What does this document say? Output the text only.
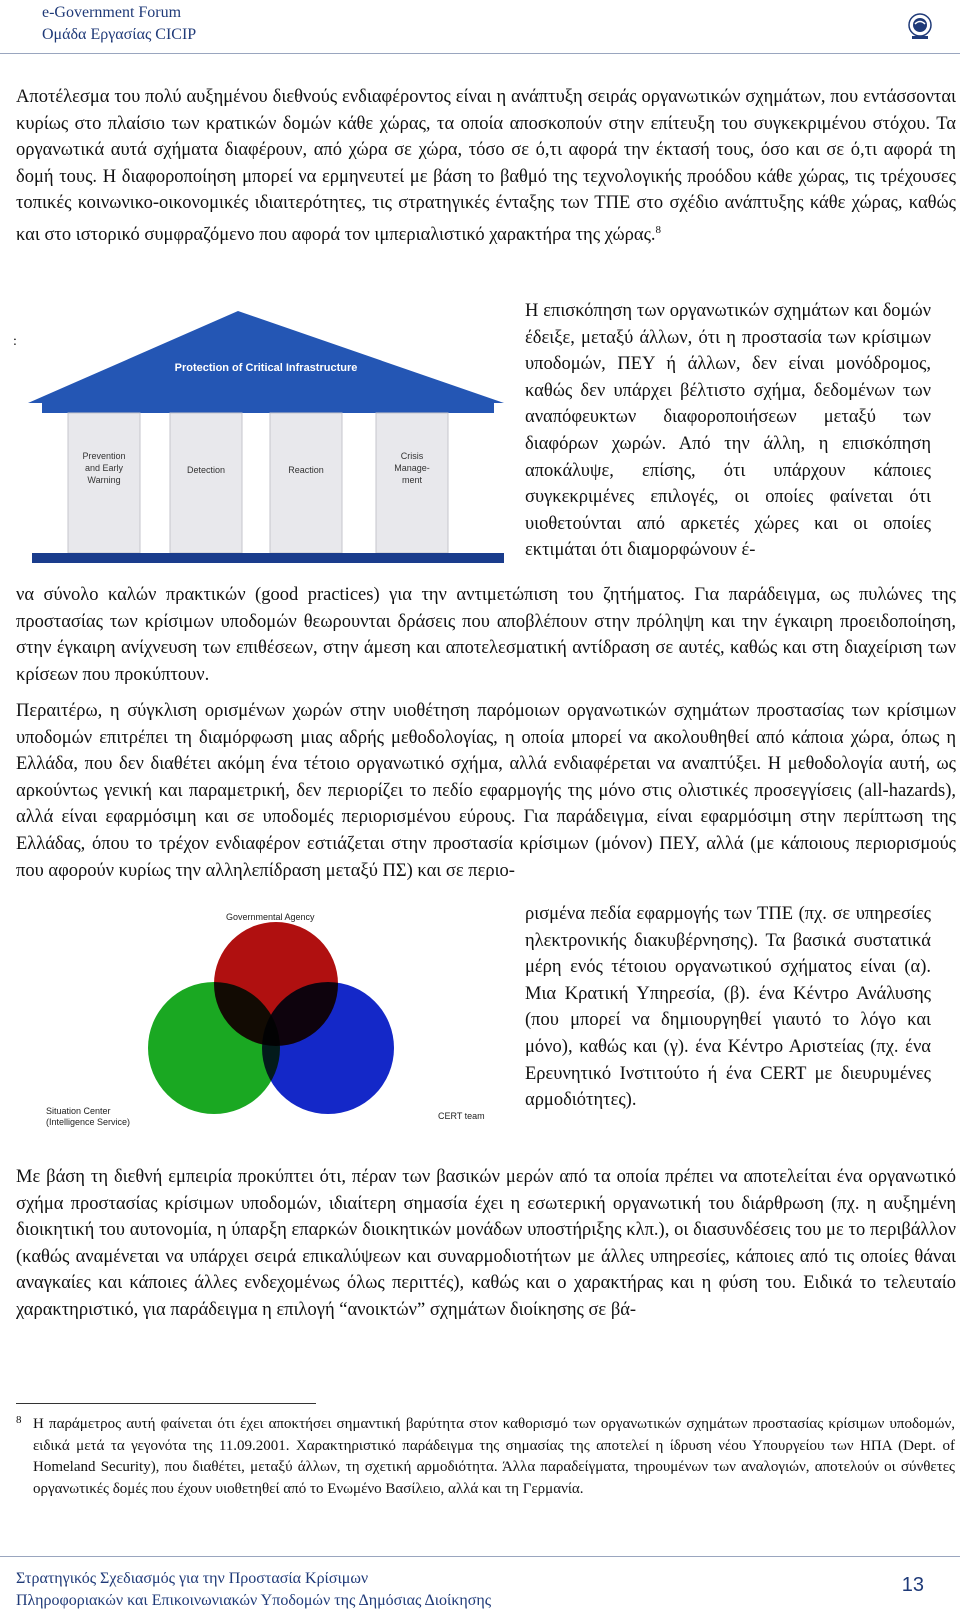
e-Government Forum
Ομάδα Εργασίας CICIP

Αποτέλεσμα του πολύ αυξημένου διεθνούς ενδιαφέροντος είναι η ανάπτυξη σειράς οργανωτικών σχημάτων, που εντάσσονται κυρίως στο πλαίσιο των κρατικών δομών κάθε χώρας, τα οποία αποσκοπούν στην επίτευξη του συγκεκριμένου στόχου. Τα οργανωτικά αυτά σχήματα διαφέρουν, από χώρα σε χώρα, τόσο σε ό,τι αφορά την έκτασή τους, όσο και σε ό,τι αφορά τη δομή τους. Η διαφοροποίηση μπορεί να ερμηνευτεί με βάση το βαθμό της τεχνολογικής προόδου κάθε χώρας, τις τρέχουσες τοπικές κοινωνικο-οικονομικές ιδιαιτερότητες, τις στρατηγικές ένταξης των ΤΠΕ στο σχέδιο ανάπτυξης κάθε χώρας, καθώς και στο ιστορικό συμφραζόμενο που αφορά τον ιμπεριαλιστικό χαρακτήρα της χώρας.$^8$

:
Protection of Critical Infrastructure
Prevention and Early Warning
Detection	Reaction
Crisis Manage-ment

Η επισκόπηση των οργανωτικών σχημάτων και δομών έδειξε, μεταξύ άλλων, ότι η προστασία των κρίσιμων υποδομών, ΠΕΥ ή άλλων, δεν είναι μονόδρομος, καθώς δεν υπάρχει βέλτιστο σχήμα, δεδομένων των αναπόφευκτων διαφοροποιήσεων μεταξύ των διαφόρων χωρών. Από την άλλη, η επισκόπηση αποκάλυψε, επίσης, ότι υπάρχουν κάποιες συγκεκριμένες επιλογές, οι οποίες φαίνεται ότι υιοθετούνται από αρκετές χώρες και οι οποίες εκτιμάται ότι διαμορφώνουν έ-

να σύνολο καλών πρακτικών (good practices) για την αντιμετώπιση του ζητήματος. Για παράδειγμα, ως πυλώνες της προστασίας των κρίσιμων υποδομών θεωρουνται δράσεις που αποβλέπουν στην πρόληψη και την έγκαιρη προειδοποίηση, στην έγκαιρη ανίχνευση των επιθέσεων, στην άμεση και αποτελεσματική αντίδραση σε αυτές, καθώς και στη διαχείριση των κρίσεων που προκύπτουν.

Περαιτέρω, η σύγκλιση ορισμένων χωρών στην υιοθέτηση παρόμοιων οργανωτικών σχημάτων προστασίας των κρίσιμων υποδομών επιτρέπει τη διαμόρφωση μιας αδρής μεθοδολογίας, η οποία μπορεί να ακολουθηθεί από κάποια χώρα, όπως η Ελλάδα, που δεν διαθέτει ακόμη ένα τέτοιο οργανωτικό σχήμα, αλλά ενδιαφέρεται να αναπτύξει. Η μεθοδολογία αυτή, ως αρκούντως γενική και παραμετρική, δεν περιορίζει το πεδίο εφαρμογής της μόνο στις ολιστικές προσεγγίσεις (all-hazards), αλλά είναι εφαρμόσιμη και σε υποδομές περιορισμένου εύρους. Για παράδειγμα, είναι εφαρμόσιμη στην περίπτωση της Ελλάδας, όπου το τρέχον ενδιαφέρον εστιάζεται στην προστασία κρίσιμων (μόνον) ΠΕΥ, αλλά (με κάποιους περιορισμούς που αφορούν κυρίως την αλληλεπίδραση μεταξύ ΠΣ) και σε περιο-

Governmental Agency
Situation Center (Intelligence Service)
CERT team

ρισμένα πεδία εφαρμογής των ΤΠΕ (πχ. σε υπηρεσίες ηλεκτρονικής διακυβέρνησης). Τα βασικά συστατικά μέρη ενός τέτοιου οργανωτικού σχήματος είναι (α). Μια Κρατική Υπηρεσία, (β). ένα Κέντρο Ανάλυσης (που μπορεί να δημιουργηθεί γιαυτό το λόγο και μόνο), καθώς και (γ). ένα Κέντρο Αριστείας (πχ. ένα Ερευνητικό Ινστιτούτο ή ένα CERT με διευρυμένες αρμοδιότητες).

Με βάση τη διεθνή εμπειρία προκύπτει ότι, πέραν των βασικών μερών από τα οποία πρέπει να αποτελείται ένα οργανωτικό σχήμα προστασίας κρίσιμων υποδομών, ιδιαίτερη σημασία έχει η εσωτερική οργανωτική του διάρθρωση (πχ. η αυξημένη διοικητική του αυτονομία, η ύπαρξη επαρκών διοικητικών μονάδων υποστήριξης κλπ.), οι διασυνδέσεις του με το περιβάλλον (καθώς αναμένεται να υπάρχει σειρά επικαλύψεων και συναρμοδιοτήτων με άλλες υπηρεσίες, κάποιες από τις οποίες θάναι αναγκαίες και κάποιες άλλες ενδεχομένως όλως περιττές), καθώς και ο χαρακτήρας και η φύση του. Ειδικά το τελευταίο χαρακτηριστικό, για παράδειγμα η επιλογή “ανοικτών” σχημάτων διοίκησης σε βά-

8 Η παράμετρος αυτή φαίνεται ότι έχει αποκτήσει σημαντική βαρύτητα στον καθορισμό των οργανωτικών σχημάτων προστασίας κρίσιμων υποδομών, ειδικά μετά τα γεγονότα της 11.09.2001. Χαρακτηριστικό παράδειγμα της σημασίας της αποτελεί η ίδρυση νέου Υπουργείου των ΗΠΑ (Dept. of Homeland Security), που διαθέτει, μεταξύ άλλων, τη σχετική αρμοδιότητα. Άλλα παραδείγματα, τηρουμένων των αναλογιών, αποτελούν οι σύνθετες οργανωτικές δομές που έχουν υιοθετηθεί από το Ενωμένο Βασίλειο, αλλά και τη Γερμανία.
Στρατηγικός Σχεδιασμός για την Προστασία Κρίσιμων
Πληροφοριακών και Επικοινωνιακών Υποδομών της Δημόσιας Διοίκησης
13
